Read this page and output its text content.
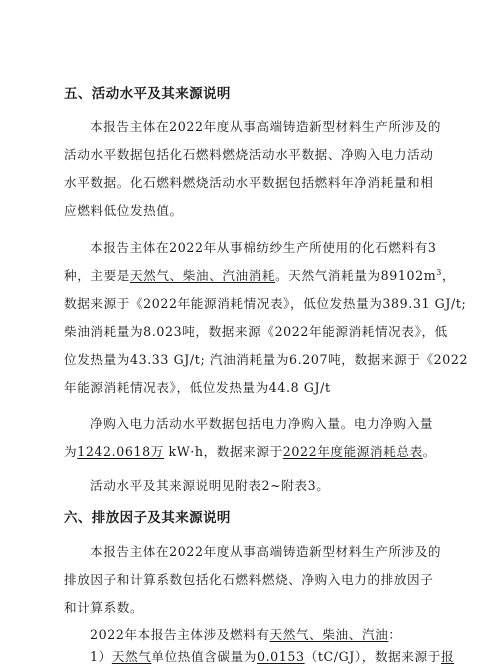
五、活动水平及其来源说明
本报告主体在2022年度从事高端铸造新型材料生产所涉及的
活动水平数据包括化石燃料燃烧活动水平数据、净购入电力活动
水平数据。化石燃料燃烧活动水平数据包括燃料年净消耗量和相
应燃料低位发热值。
本报告主体在2022年从事棉纺纱生产所使用的化石燃料有3
种，主要是天然气、柴油、汽油消耗。天然气消耗量为$89102m^3$，
数据来源于《2022年能源消耗情况表》，低位发热量为389.31 GJ/t;
柴油消耗量为8.023吨，数据来源《2022年能源消耗情况表》，低
位发热量为43.33 GJ/t; 汽油消耗量为6.207吨，数据来源于《2022
年能源消耗情况表》，低位发热量为44.8 GJ/t
净购入电力活动水平数据包括电力净购入量。电力净购入量
为1242.0618万 kW·h，数据来源于2022年度能源消耗总表。
活动水平及其来源说明见附表2~附表3。
六、排放因子及其来源说明
本报告主体在2022年度从事高端铸造新型材料生产所涉及的
排放因子和计算系数包括化石燃料燃烧、净购入电力的排放因子
和计算系数。
2022年本报告主体涉及燃料有天然气、柴油、汽油：
1）天然气单位热值含碳量为0.0153（tC/GJ），数据来源于报
